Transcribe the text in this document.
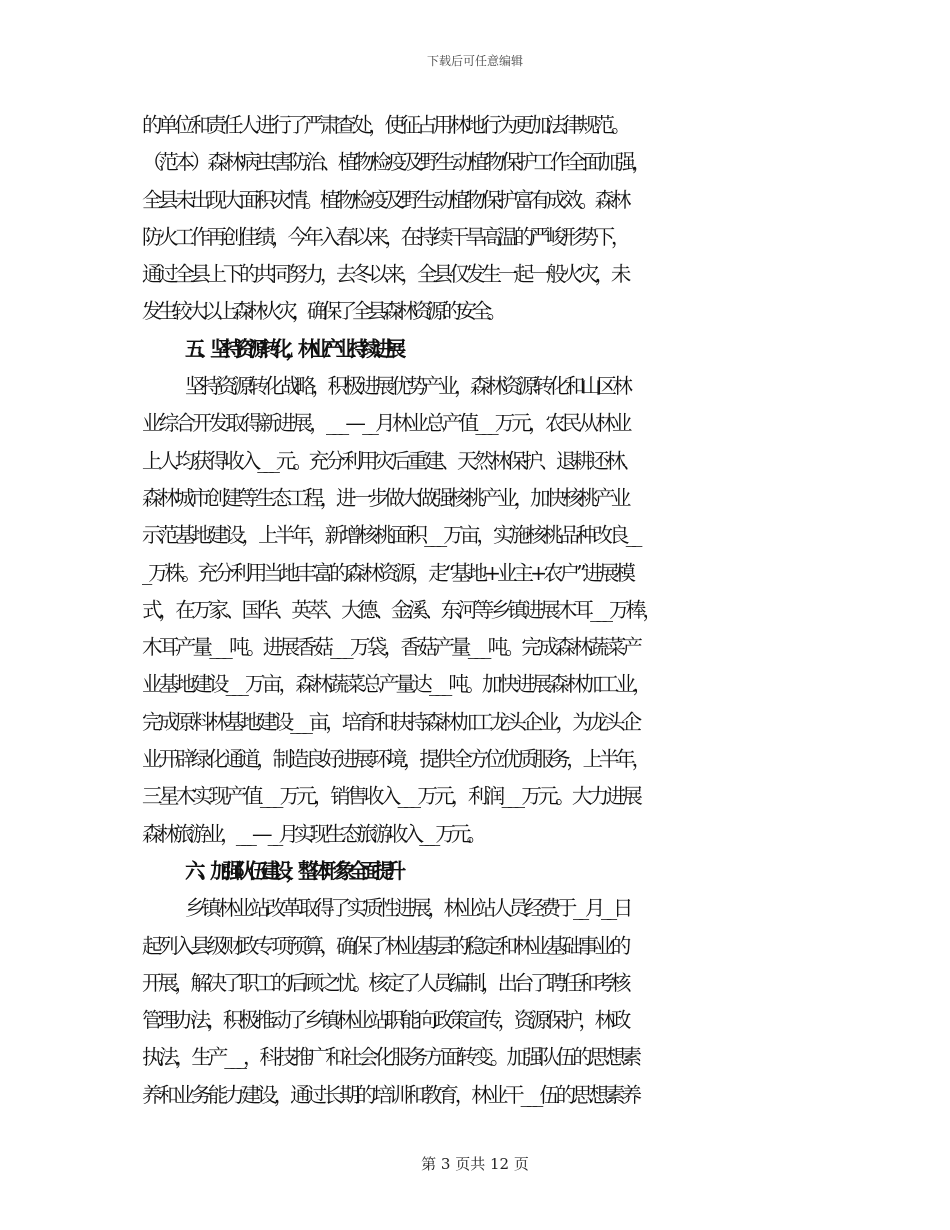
下载后可任意编辑
的单位和责任人进行了严肃查处，使征占用林地行为更加法律规范。
（范本）森林病虫害防治、植物检疫及野生动植物保护工作全面加强，
全县未出现大面积灾情。植物检疫及野生动植物保护富有成效。森林
防火工作再创佳绩，今年入春以来，在持续干旱高温的严峻形势下，
通过全县上下的共同努力，去冬以来，全县仅发生一起一般火灾，未
发生较大以上森林火灾，确保了全县森林资源的安全。
五、坚持资源转化，林业产业持续进展
坚持资源转化战略，积极进展优势产业，森林资源转化和山区林
业综合开发取得新进展，___—__月林业总产值___万元，农民从林业
上人均获得收入___元。充分利用灾后重建、天然林保护、退耕还林、
森林城市创建等生态工程，进一步做大做强核桃产业，加快核桃产业
示范基地建设，上半年，新增核桃面积___万亩，实施核桃品种改良__
_万株。充分利用当地丰富的森林资源，走“基地+业主+农户”进展模
式，在万家、国华、英萃、大德、金溪、东河等乡镇进展木耳___万棒，
木耳产量___吨。进展香菇___万袋，香菇产量___吨。完成森林蔬菜产
业基地建设___万亩，森林蔬菜总产量达___吨。加快进展森林加工业，
完成原料林基地建设___亩，培育和扶持森林加工龙头企业，为龙头企
业开辟绿化通道，制造良好进展环境，提供全方位优质服务，上半年，
三星木实现产值___万元，销售收入___万元，利润___万元。大力进展
森林旅游业，___—__月实现生态旅游收入___万元。
六、加强队伍建设，整体形象全面提升
乡镇林业站改革取得了实质性进展，林业站人员经费于__月__日
起列入县级财政专项预算，确保了林业基层的稳定和林业基础事业的
开展，解决了职工的后顾之忧。核定了人员编制，出台了聘任和考核
管理办法，积极推动了乡镇林业站职能向政策宣传，资源保护，林政
执法，生产___，科技推广和社会化服务方面转变。加强队伍的思想素
养和业务能力建设，通过长期的培训和教育，林业干___伍的思想素养
第 3 页共 12 页
